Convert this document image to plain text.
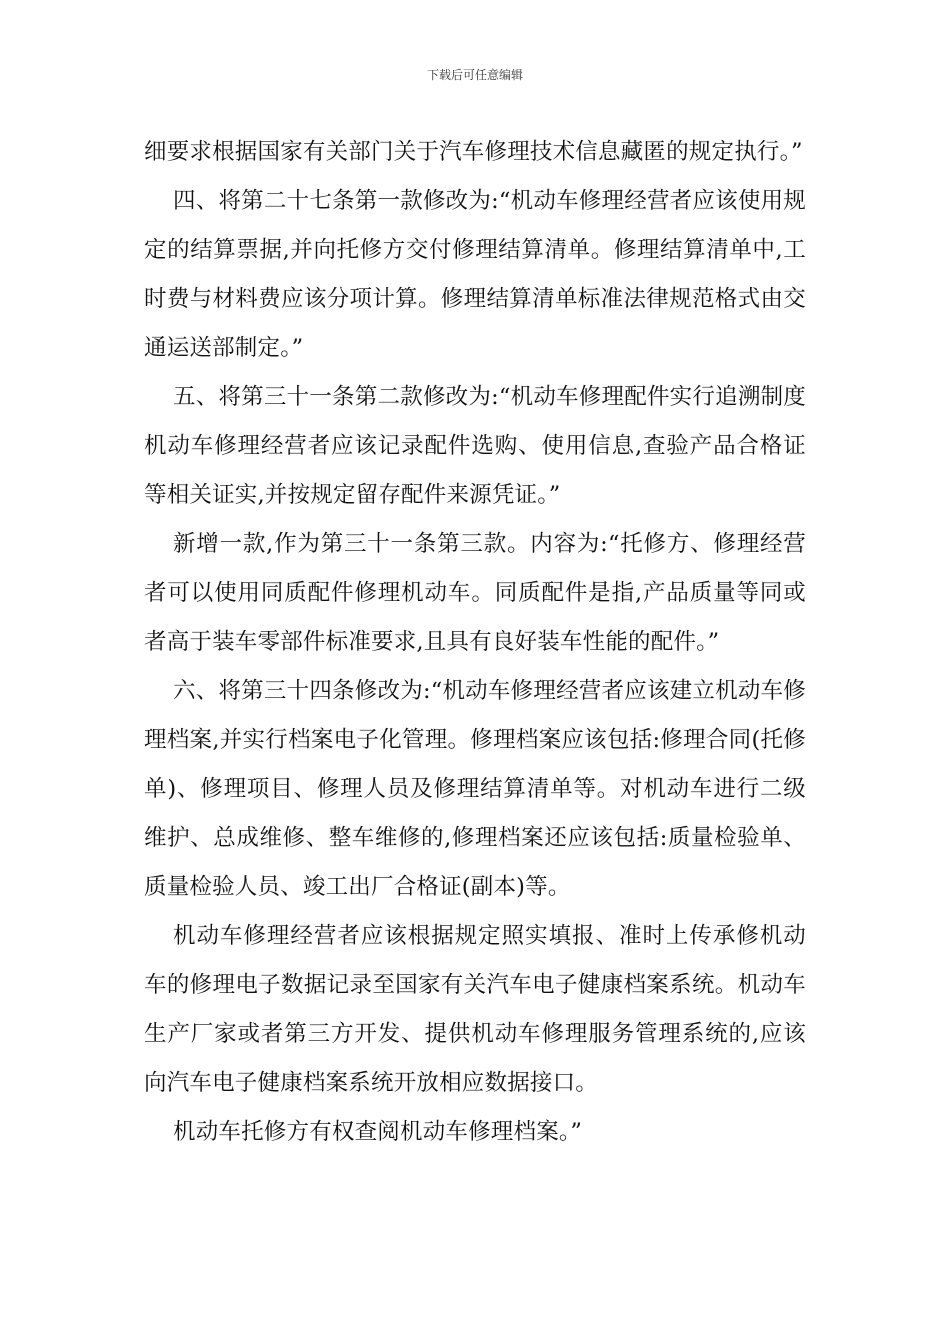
下载后可任意编辑

细要求根据国家有关部门关于汽车修理技术信息藏匿的规定执行。”

四、将第二十七条第一款修改为:“机动车修理经营者应该使用规定的结算票据,并向托修方交付修理结算清单。修理结算清单中,工时费与材料费应该分项计算。修理结算清单标准法律规范格式由交通运送部制定。”

五、将第三十一条第二款修改为:“机动车修理配件实行追溯制度机动车修理经营者应该记录配件选购、使用信息,查验产品合格证等相关证实,并按规定留存配件来源凭证。”

新增一款,作为第三十一条第三款。内容为:“托修方、修理经营者可以使用同质配件修理机动车。同质配件是指,产品质量等同或者高于装车零部件标准要求,且具有良好装车性能的配件。”

六、将第三十四条修改为:“机动车修理经营者应该建立机动车修理档案,并实行档案电子化管理。修理档案应该包括:修理合同(托修单)、修理项目、修理人员及修理结算清单等。对机动车进行二级维护、总成维修、整车维修的,修理档案还应该包括:质量检验单、质量检验人员、竣工出厂合格证(副本)等。

机动车修理经营者应该根据规定照实填报、准时上传承修机动车的修理电子数据记录至国家有关汽车电子健康档案系统。机动车生产厂家或者第三方开发、提供机动车修理服务管理系统的,应该向汽车电子健康档案系统开放相应数据接口。

机动车托修方有权查阅机动车修理档案。”
